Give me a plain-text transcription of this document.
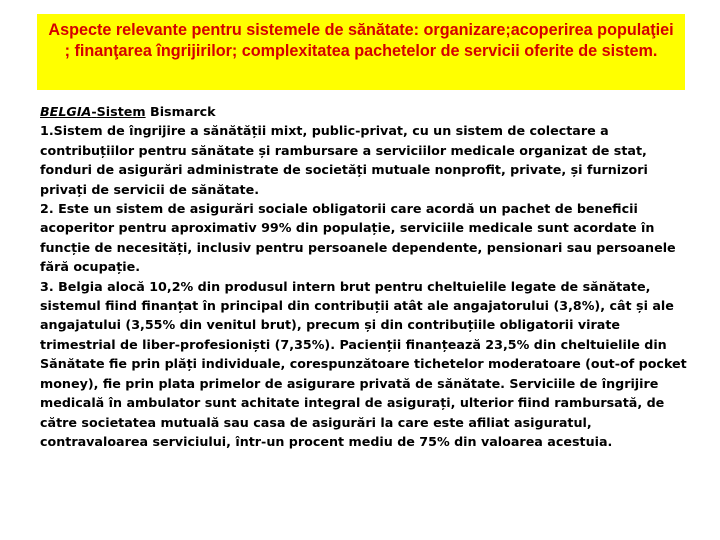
Aspecte relevante pentru sistemele de sănătate: organizare;acoperirea populaţiei ; finanţarea îngrijirilor; complexitatea pachetelor de servicii oferite de sistem.

BELGIA-Sistem Bismarck

1.Sistem de îngrijire a sănătății mixt, public-privat, cu un sistem de colectare a contribuțiilor pentru sănătate și rambursare a serviciilor medicale organizat de stat, fonduri de asigurări administrate de societăți mutuale nonprofit, private, și furnizori privați de servicii de sănătate.

2. Este un sistem de asigurări sociale obligatorii care acordă un pachet de beneficii acoperitor pentru aproximativ 99% din populație, serviciile medicale sunt acordate în funcție de necesități, inclusiv pentru persoanele dependente, pensionari sau persoanele fără ocupație.

3. Belgia alocă 10,2% din produsul intern brut pentru cheltuielile legate de sănătate, sistemul fiind finanțat în principal din contribuții atât ale angajatorului (3,8%), cât și ale angajatului (3,55% din venitul brut), precum și din contribuțiile obligatorii virate trimestrial de liber-profesioniști (7,35%). Pacienții finanțează 23,5% din cheltuielile din Sănătate fie prin plăți individuale, corespunzătoare tichetelor moderatoare (out-of pocket money), fie prin plata primelor de asigurare privată de sănătate. Serviciile de îngrijire medicală în ambulator sunt achitate integral de asigurați, ulterior fiind rambursată, de către societatea mutuală sau casa de asigurări la care este afiliat asiguratul, contravaloarea serviciului, într-un procent mediu de 75% din valoarea acestuia.
